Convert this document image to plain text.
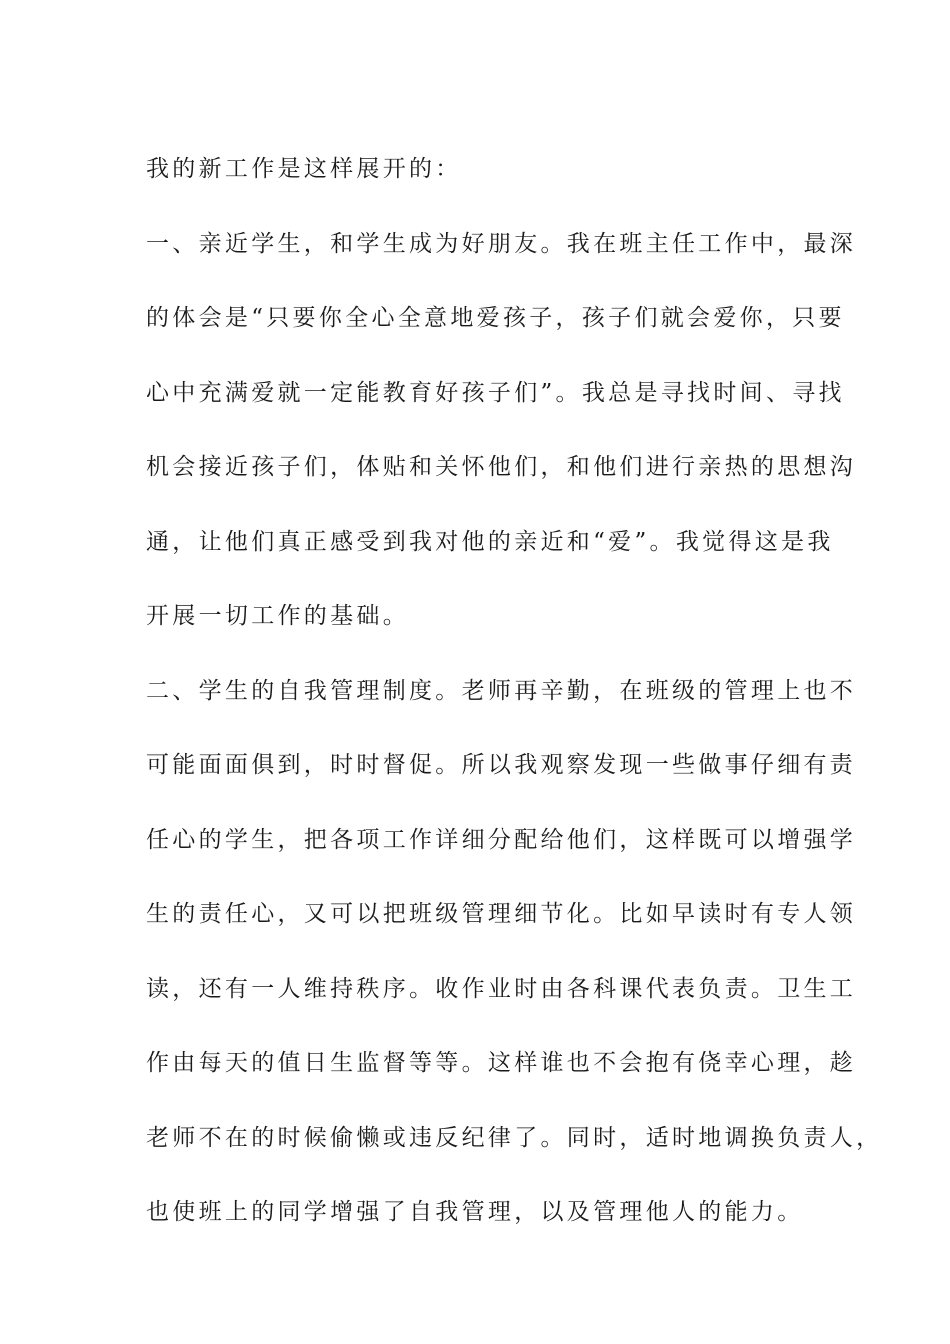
我的新工作是这样展开的：
一、亲近学生，和学生成为好朋友。我在班主任工作中，最深
的体会是“只要你全心全意地爱孩子，孩子们就会爱你，只要
心中充满爱就一定能教育好孩子们”。我总是寻找时间、寻找
机会接近孩子们，体贴和关怀他们，和他们进行亲热的思想沟
通，让他们真正感受到我对他的亲近和“爱”。我觉得这是我
开展一切工作的基础。
二、学生的自我管理制度。老师再辛勤，在班级的管理上也不
可能面面俱到，时时督促。所以我观察发现一些做事仔细有责
任心的学生，把各项工作详细分配给他们，这样既可以增强学
生的责任心，又可以把班级管理细节化。比如早读时有专人领
读，还有一人维持秩序。收作业时由各科课代表负责。卫生工
作由每天的值日生监督等等。这样谁也不会抱有侥幸心理，趁
老师不在的时候偷懒或违反纪律了。同时，适时地调换负责人，
也使班上的同学增强了自我管理，以及管理他人的能力。
